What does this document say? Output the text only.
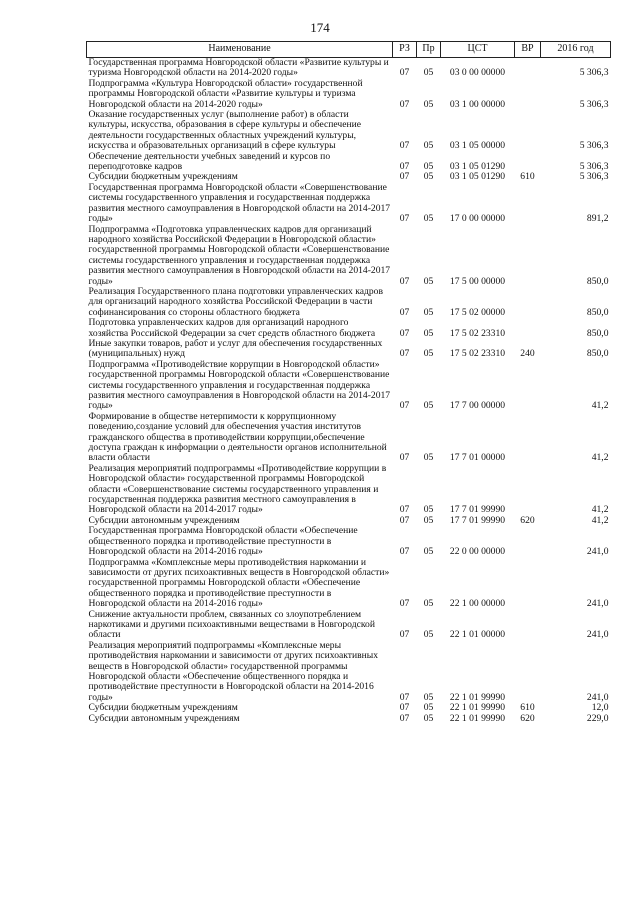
174
Наименование	РЗ	Пр	ЦСТ	ВР	2016 год
Государственная программа Новгородской области «Развитие культуры и туризма Новгородской области на 2014-2020 годы»	07	05	03 0 00 00000		5 306,3
Подпрограмма «Культура Новгородской области» государственной программы Новгородской области «Развитие культуры и туризма Новгородской области на 2014-2020 годы»	07	05	03 1 00 00000		5 306,3
Оказание государственных услуг (выполнение работ) в области культуры, искусства, образования в сфере культуры и обеспечение деятельности государственных областных учреждений культуры, искусства и образовательных организаций в сфере культуры	07	05	03 1 05 00000		5 306,3
Обеспечение деятельности учебных заведений и курсов по переподготовке кадров	07	05	03 1 05 01290		5 306,3
Субсидии бюджетным учреждениям	07	05	03 1 05 01290	610	5 306,3
Государственная программа Новгородской области «Совершенствование системы государственного управления и государственная поддержка развития местного самоуправления в Новгородской области на 2014-2017 годы»	07	05	17 0 00 00000		891,2
Подпрограмма «Подготовка управленческих кадров для организаций народного хозяйства Российской Федерации в Новгородской области» государственной программы Новгородской области «Совершенствование системы государственного управления и государственная поддержка развития местного самоуправления в Новгородской области на 2014-2017 годы»	07	05	17 5 00 00000		850,0
Реализация Государственного плана подготовки управленческих кадров для организаций народного хозяйства Российской Федерации в части софинансирования со стороны областного бюджета	07	05	17 5 02 00000		850,0
Подготовка управленческих кадров для организаций народного хозяйства Российской Федерации за счет средств областного бюджета	07	05	17 5 02 23310		850,0
Иные закупки товаров, работ и услуг для обеспечения государственных (муниципальных) нужд	07	05	17 5 02 23310	240	850,0
Подпрограмма «Противодействие коррупции в Новгородской области» государственной программы Новгородской области «Совершенствование системы государственного управления и государственная поддержка развития местного самоуправления в Новгородской области на 2014-2017 годы»	07	05	17 7 00 00000		41,2
Формирование в обществе нетерпимости к коррупционному поведению,создание условий для обеспечения участия институтов гражданского общества в противодействии коррупции,обеспечение доступа граждан к информации о деятельности органов исполнительной власти области	07	05	17 7 01 00000		41,2
Реализация мероприятий подпрограммы «Противодействие коррупции в Новгородской области» государственной программы Новгородской области «Совершенствование системы государственного управления и государственная поддержка развития местного самоуправления в Новгородской области на 2014-2017 годы»	07	05	17 7 01 99990		41,2
Субсидии автономным учреждениям	07	05	17 7 01 99990	620	41,2
Государственная программа Новгородской области «Обеспечение общественного порядка и противодействие преступности в Новгородской области на 2014-2016 годы»	07	05	22 0 00 00000		241,0
Подпрограмма «Комплексные меры противодействия наркомании и зависимости от других психоактивных веществ в Новгородской области» государственной программы Новгородской области «Обеспечение общественного порядка и противодействие преступности в Новгородской области на 2014-2016 годы»	07	05	22 1 00 00000		241,0
Снижение актуальности проблем, связанных со злоупотреблением наркотиками и другими психоактивными веществами в Новгородской области	07	05	22 1 01 00000		241,0
Реализация мероприятий подпрограммы «Комплексные меры противодействия наркомании и зависимости от других психоактивных веществ в Новгородской области» государственной программы Новгородской области «Обеспечение общественного порядка и противодействие преступности в Новгородской области на 2014-2016 годы»	07	05	22 1 01 99990		241,0
Субсидии бюджетным учреждениям	07	05	22 1 01 99990	610	12,0
Субсидии автономным учреждениям	07	05	22 1 01 99990	620	229,0
